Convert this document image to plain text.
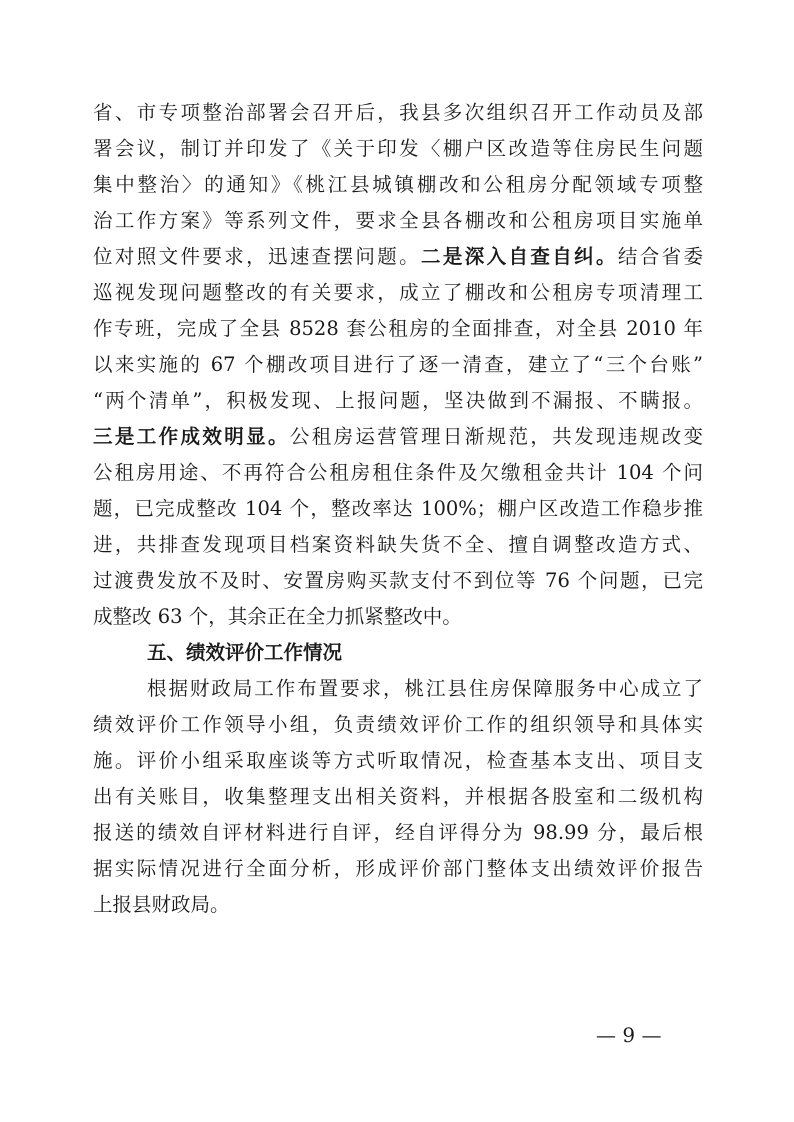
省、市专项整治部署会召开后，我县多次组织召开工作动员及部
署会议，制订并印发了《关于印发〈棚户区改造等住房民生问题
集中整治〉的通知》《桃江县城镇棚改和公租房分配领域专项整
治工作方案》等系列文件，要求全县各棚改和公租房项目实施单
位对照文件要求，迅速查摆问题。二是深入自查自纠。结合省委
巡视发现问题整改的有关要求，成立了棚改和公租房专项清理工
作专班，完成了全县 8528 套公租房的全面排查，对全县 2010 年
以来实施的 67 个棚改项目进行了逐一清查，建立了“三个台账”
“两个清单”，积极发现、上报问题，坚决做到不漏报、不瞒报。
三是工作成效明显。公租房运营管理日渐规范，共发现违规改变
公租房用途、不再符合公租房租住条件及欠缴租金共计 104 个问
题，已完成整改 104 个，整改率达 100%；棚户区改造工作稳步推
进，共排查发现项目档案资料缺失货不全、擅自调整改造方式、
过渡费发放不及时、安置房购买款支付不到位等 76 个问题，已完
成整改 63 个，其余正在全力抓紧整改中。
五、绩效评价工作情况
根据财政局工作布置要求，桃江县住房保障服务中心成立了
绩效评价工作领导小组，负责绩效评价工作的组织领导和具体实
施。评价小组采取座谈等方式听取情况，检查基本支出、项目支
出有关账目，收集整理支出相关资料，并根据各股室和二级机构
报送的绩效自评材料进行自评，经自评得分为 98.99 分，最后根
据实际情况进行全面分析，形成评价部门整体支出绩效评价报告
上报县财政局。
— 9 —
